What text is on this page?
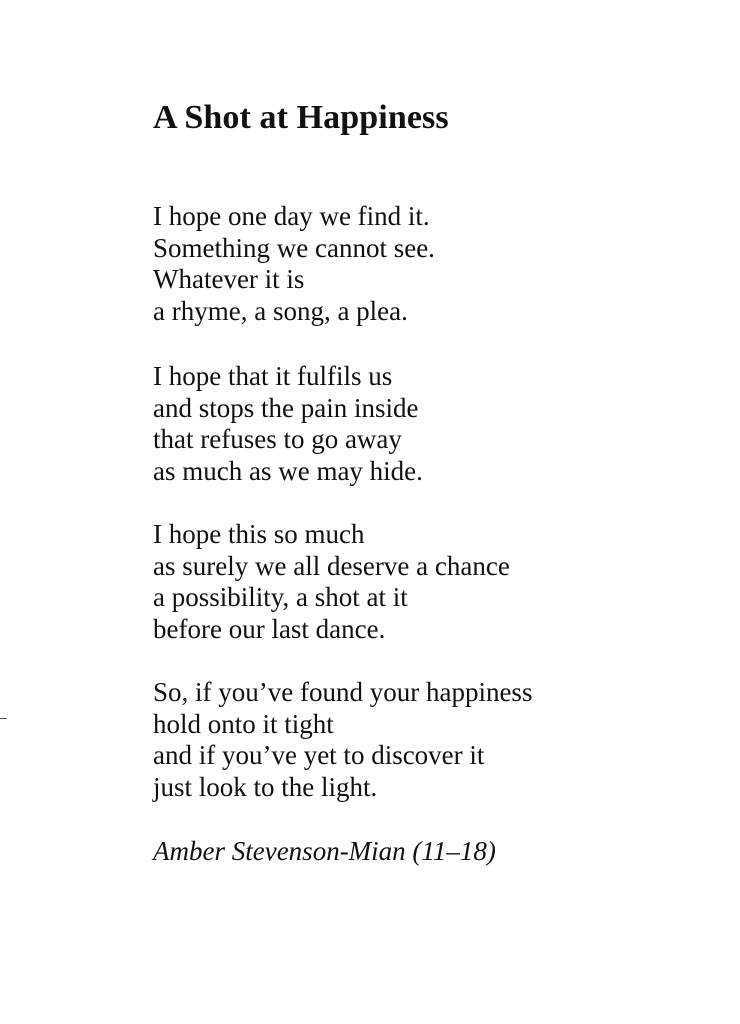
A Shot at Happiness

I hope one day we find it.
Something we cannot see.
Whatever it is
a rhyme, a song, a plea.

I hope that it fulfils us
and stops the pain inside
that refuses to go away
as much as we may hide.

I hope this so much
as surely we all deserve a chance
a possibility, a shot at it
before our last dance.

So, if you’ve found your happiness
hold onto it tight
and if you’ve yet to discover it
just look to the light.

Amber Stevenson-Mian (11–18)
